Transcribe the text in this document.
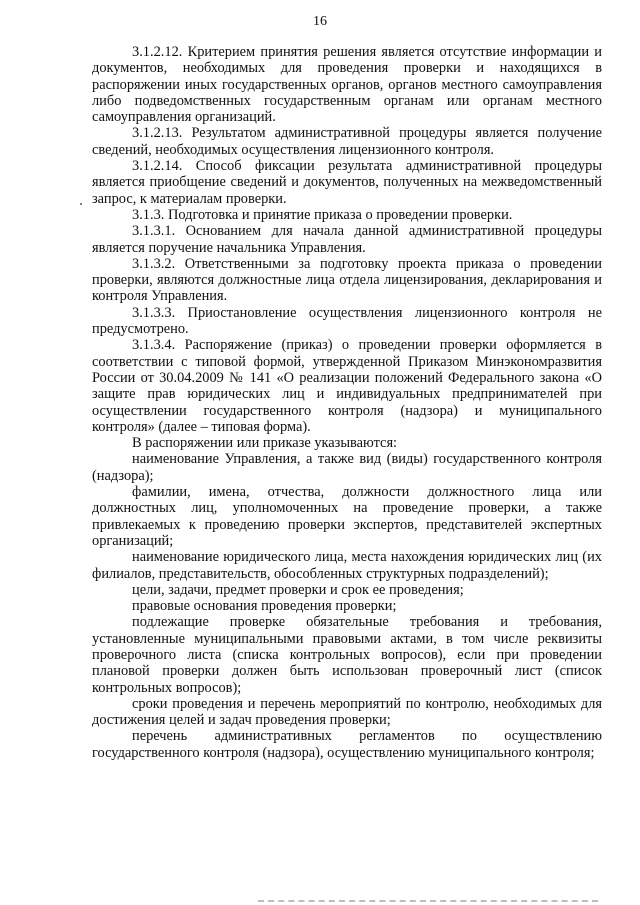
16

3.1.2.12. Критерием принятия решения является отсутствие информации и документов, необходимых для проведения проверки и находящихся в распоряжении иных государственных органов, органов местного самоуправления либо подведомственных государственным органам или органам местного самоуправления организаций.

3.1.2.13. Результатом административной процедуры является получение сведений, необходимых осуществления лицензионного контроля.

3.1.2.14. Способ фиксации результата административной процедуры является приобщение сведений и документов, полученных на межведомственный запрос, к материалам проверки.

3.1.3. Подготовка и принятие приказа о проведении проверки.

3.1.3.1. Основанием для начала данной административной процедуры является поручение начальника Управления.

3.1.3.2. Ответственными за подготовку проекта приказа о проведении проверки, являются должностные лица отдела лицензирования, декларирования и контроля Управления.

3.1.3.3. Приостановление осуществления лицензионного контроля не предусмотрено.

3.1.3.4. Распоряжение (приказ) о проведении проверки оформляется в соответствии с типовой формой, утвержденной Приказом Минэкономразвития России от 30.04.2009 № 141 «О реализации положений Федерального закона «О защите прав юридических лиц и индивидуальных предпринимателей при осуществлении государственного контроля (надзора) и муниципального контроля» (далее – типовая форма).

В распоряжении или приказе указываются:

наименование Управления, а также вид (виды) государственного контроля (надзора);

фамилии, имена, отчества, должности должностного лица или должностных лиц, уполномоченных на проведение проверки, а также привлекаемых к проведению проверки экспертов, представителей экспертных организаций;

наименование юридического лица, места нахождения юридических лиц (их филиалов, представительств, обособленных структурных подразделений);

цели, задачи, предмет проверки и срок ее проведения;

правовые основания проведения проверки;

подлежащие проверке обязательные требования и требования, установленные муниципальными правовыми актами, в том числе реквизиты проверочного листа (списка контрольных вопросов), если при проведении плановой проверки должен быть использован проверочный лист (список контрольных вопросов);

сроки проведения и перечень мероприятий по контролю, необходимых для достижения целей и задач проведения проверки;

перечень административных регламентов по осуществлению государственного контроля (надзора), осуществлению муниципального контроля;
